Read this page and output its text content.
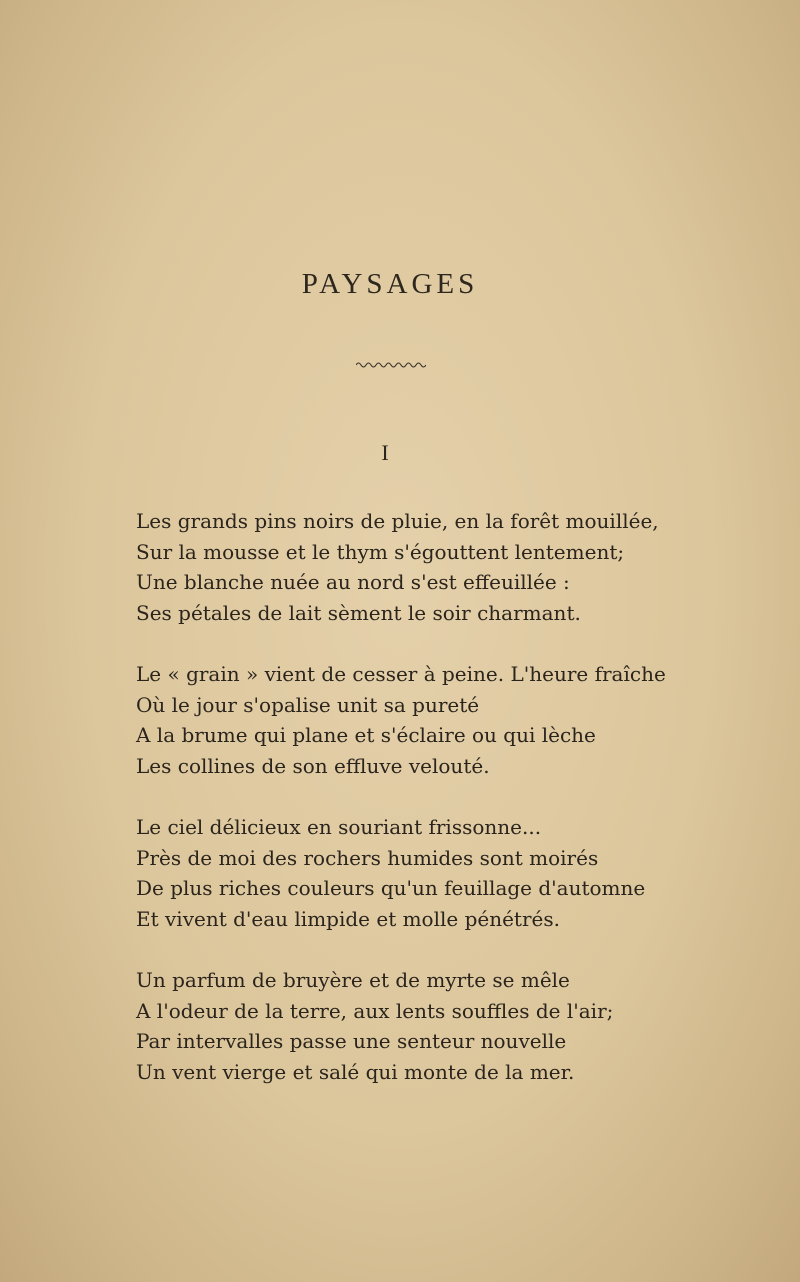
PAYSAGES
I
Les grands pins noirs de pluie, en la forêt mouillée,
Sur la mousse et le thym s'égouttent lentement;
Une blanche nuée au nord s'est effeuillée :
Ses pétales de lait sèment le soir charmant.
Le « grain » vient de cesser à peine. L'heure fraîche
Où le jour s'opalise unit sa pureté
A la brume qui plane et s'éclaire ou qui lèche
Les collines de son effluve velouté.
Le ciel délicieux en souriant frissonne...
Près de moi des rochers humides sont moirés
De plus riches couleurs qu'un feuillage d'automne
Et vivent d'eau limpide et molle pénétrés.
Un parfum de bruyère et de myrte se mêle
A l'odeur de la terre, aux lents souffles de l'air;
Par intervalles passe une senteur nouvelle
Un vent vierge et salé qui monte de la mer.
